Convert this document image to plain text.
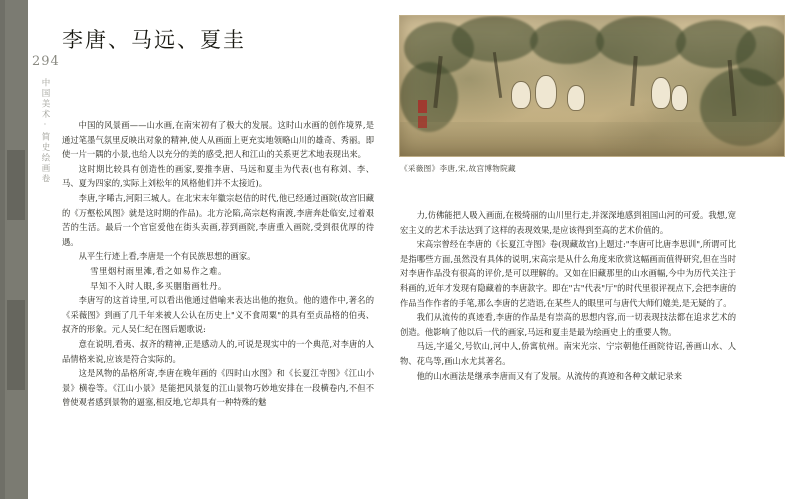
294
中国美术·简史绘画卷
李唐、马远、夏圭
《采薇图》李唐,宋,故宫博物院藏

中国的风景画——山水画,在南宋初有了极大的发展。这时山水画的创作境界,是通过笔墨气氛里反映出对象的精神,使人从画面上更充实地领略山川的雄奇、秀丽。即使一片一隅的小景,也给人以充分的美的感受,把人和江山的关系更艺术地表现出来。

这时期比较具有创造性的画家,要推李唐、马远和夏圭为代表(也有称刘、李、马、夏为四家的,实际上刘松年的风格他们并不太接近)。

李唐,字晞古,河阳三城人。在北宋末年徽宗赵佶的时代,他已经通过画院(故宫旧藏的《万壑松风图》就是这时期的作品)。北方沦陷,高宗赵构南渡,李唐奔赴临安,过着艰苦的生活。最后一个官宦爱他在街头卖画,荐到画院,李唐重入画院,受到很优厚的待遇。

从平生行迹上看,李唐是一个有民族思想的画家。

雪里烟村雨里滩,看之如易作之难。

早知不入时人眼,多买胭脂画牡丹。

李唐写的这首诗里,可以看出他通过借喻来表达出他的抱负。他的遗作中,著名的《采薇图》到画了几千年来被人公认在历史上"义不食周粟"的具有至贞品格的伯夷、叔齐的形象。元人吴仁纪在图后题歌说:

意在说明,看夷、叔齐的精神,正是感动人的,可说是现实中的一个典范,对李唐的人品情格来说,应该是符合实际的。

这是风物的品格所寄,李唐在晚年画的《四时山水图》和《长夏江寺图》《江山小景》横卷等。《江山小景》是能把风景复的江山景物巧妙地安排在一段横卷内,不但不曾使观者感到景物的逼塞,相反地,它却具有一种特殊的魅

力,仿佛能把人吸入画面,在极绮丽的山川里行走,并深深地感到祖国山河的可爱。我想,宽宏主义的艺术手法达到了这样的表现效果,是应该得到至高的艺术价值的。

宋高宗曾经在李唐的《长夏江寺图》卷(现藏故宫)上题过:"李唐可比唐李思训",所谓可比是指哪些方面,虽然没有具体的说明,宋高宗是从什么角度来欣赏这幅画而值得研究,但在当时对李唐作品没有很高的评价,是可以理解的。又如在旧藏那里的山水画幅,今中为历代关注于科画的,近年才发现有隐藏着的李唐款字。即在"古"代表"厅"的时代里很评视点下,会把李唐的作品当作作者的手笔,那么李唐的艺造语,在某些人的眼里可与唐代大师们媲美,是无疑的了。

我们从流传的真迹看,李唐的作品是有崇高的思想内容,而一切表现技法都在追求艺术的创造。他影响了他以后一代的画家,马远和夏圭是最为绘画史上的重要人物。

马远,字遥父,号钦山,河中人,侨寓杭州。南宋光宗、宁宗朝他任画院待诏,善画山水、人物、花鸟等,画山水尤其著名。

他的山水画法是继承李唐而又有了发展。从流传的真迹和各种文献记录来
